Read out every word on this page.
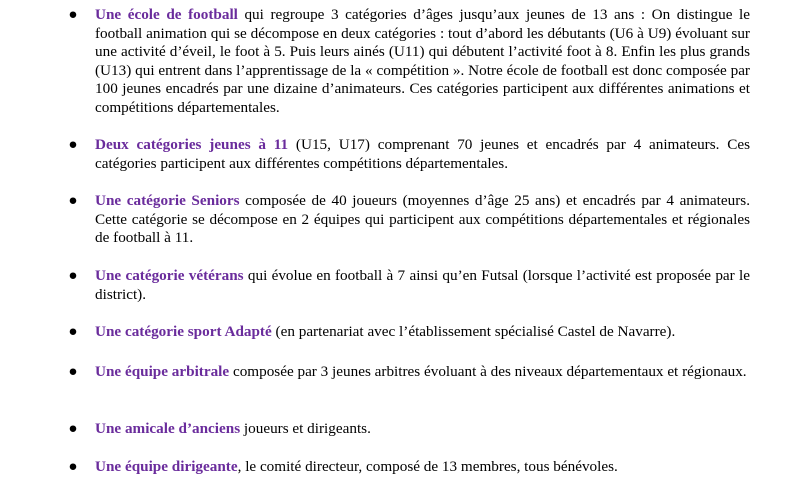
● Une école de football qui regroupe 3 catégories d’âges jusqu’aux jeunes de 13 ans : On distingue le football animation qui se décompose en deux catégories : tout d’abord les débutants (U6 à U9) évoluant sur une activité d’éveil, le foot à 5. Puis leurs ainés (U11) qui débutent l’activité foot à 8. Enfin les plus grands (U13) qui entrent dans l’apprentissage de la « compétition ». Notre école de football est donc composée par 100 jeunes encadrés par une dizaine d’animateurs. Ces catégories participent aux différentes animations et compétitions départementales.
● Deux catégories jeunes à 11 (U15, U17) comprenant 70 jeunes et encadrés par 4 animateurs. Ces catégories participent aux différentes compétitions départementales.
● Une catégorie Seniors composée de 40 joueurs (moyennes d’âge 25 ans) et encadrés par 4 animateurs. Cette catégorie se décompose en 2 équipes qui participent aux compétitions départementales et régionales de football à 11.
● Une catégorie vétérans qui évolue en football à 7 ainsi qu’en Futsal (lorsque l’activité est proposée par le district).
● Une catégorie sport Adapté (en partenariat avec l’établissement spécialisé Castel de Navarre).
● Une équipe arbitrale composée par 3 jeunes arbitres évoluant à des niveaux départementaux et régionaux.
● Une amicale d’anciens joueurs et dirigeants.
● Une équipe dirigeante, le comité directeur, composé de 13 membres, tous bénévoles.
